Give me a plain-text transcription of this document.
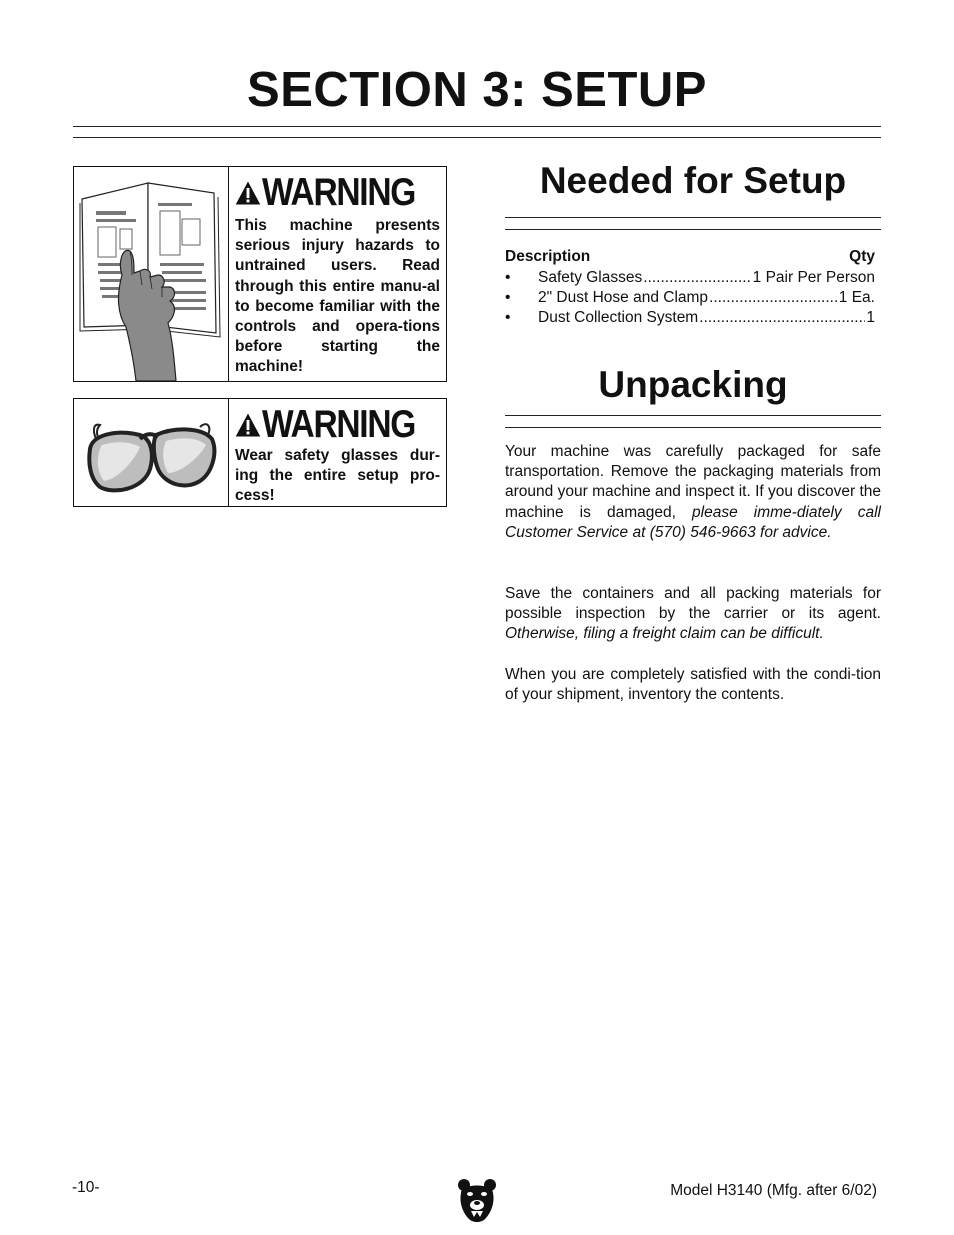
SECTION 3: SETUP
WARNING
This machine presents serious injury hazards to untrained users. Read through this entire manu-al to become familiar with the controls and opera-tions before starting the machine!
WARNING
Wear safety glasses dur-ing the entire setup pro-cess!
Needed for Setup
Description	Qty
•	Safety Glasses .....	1 Pair Per Person
•	2" Dust Hose and Clamp .....	1 Ea.
•	Dust Collection System .....	1
Unpacking

Your machine was carefully packaged for safe transportation. Remove the packaging materials from around your machine and inspect it. If you discover the machine is damaged, please imme-diately call Customer Service at (570) 546-9663 for advice.

Save the containers and all packing materials for possible inspection by the carrier or its agent. Otherwise, filing a freight claim can be difficult.

When you are completely satisfied with the condi-tion of your shipment, inventory the contents.

-10-	Model H3140 (Mfg. after 6/02)
